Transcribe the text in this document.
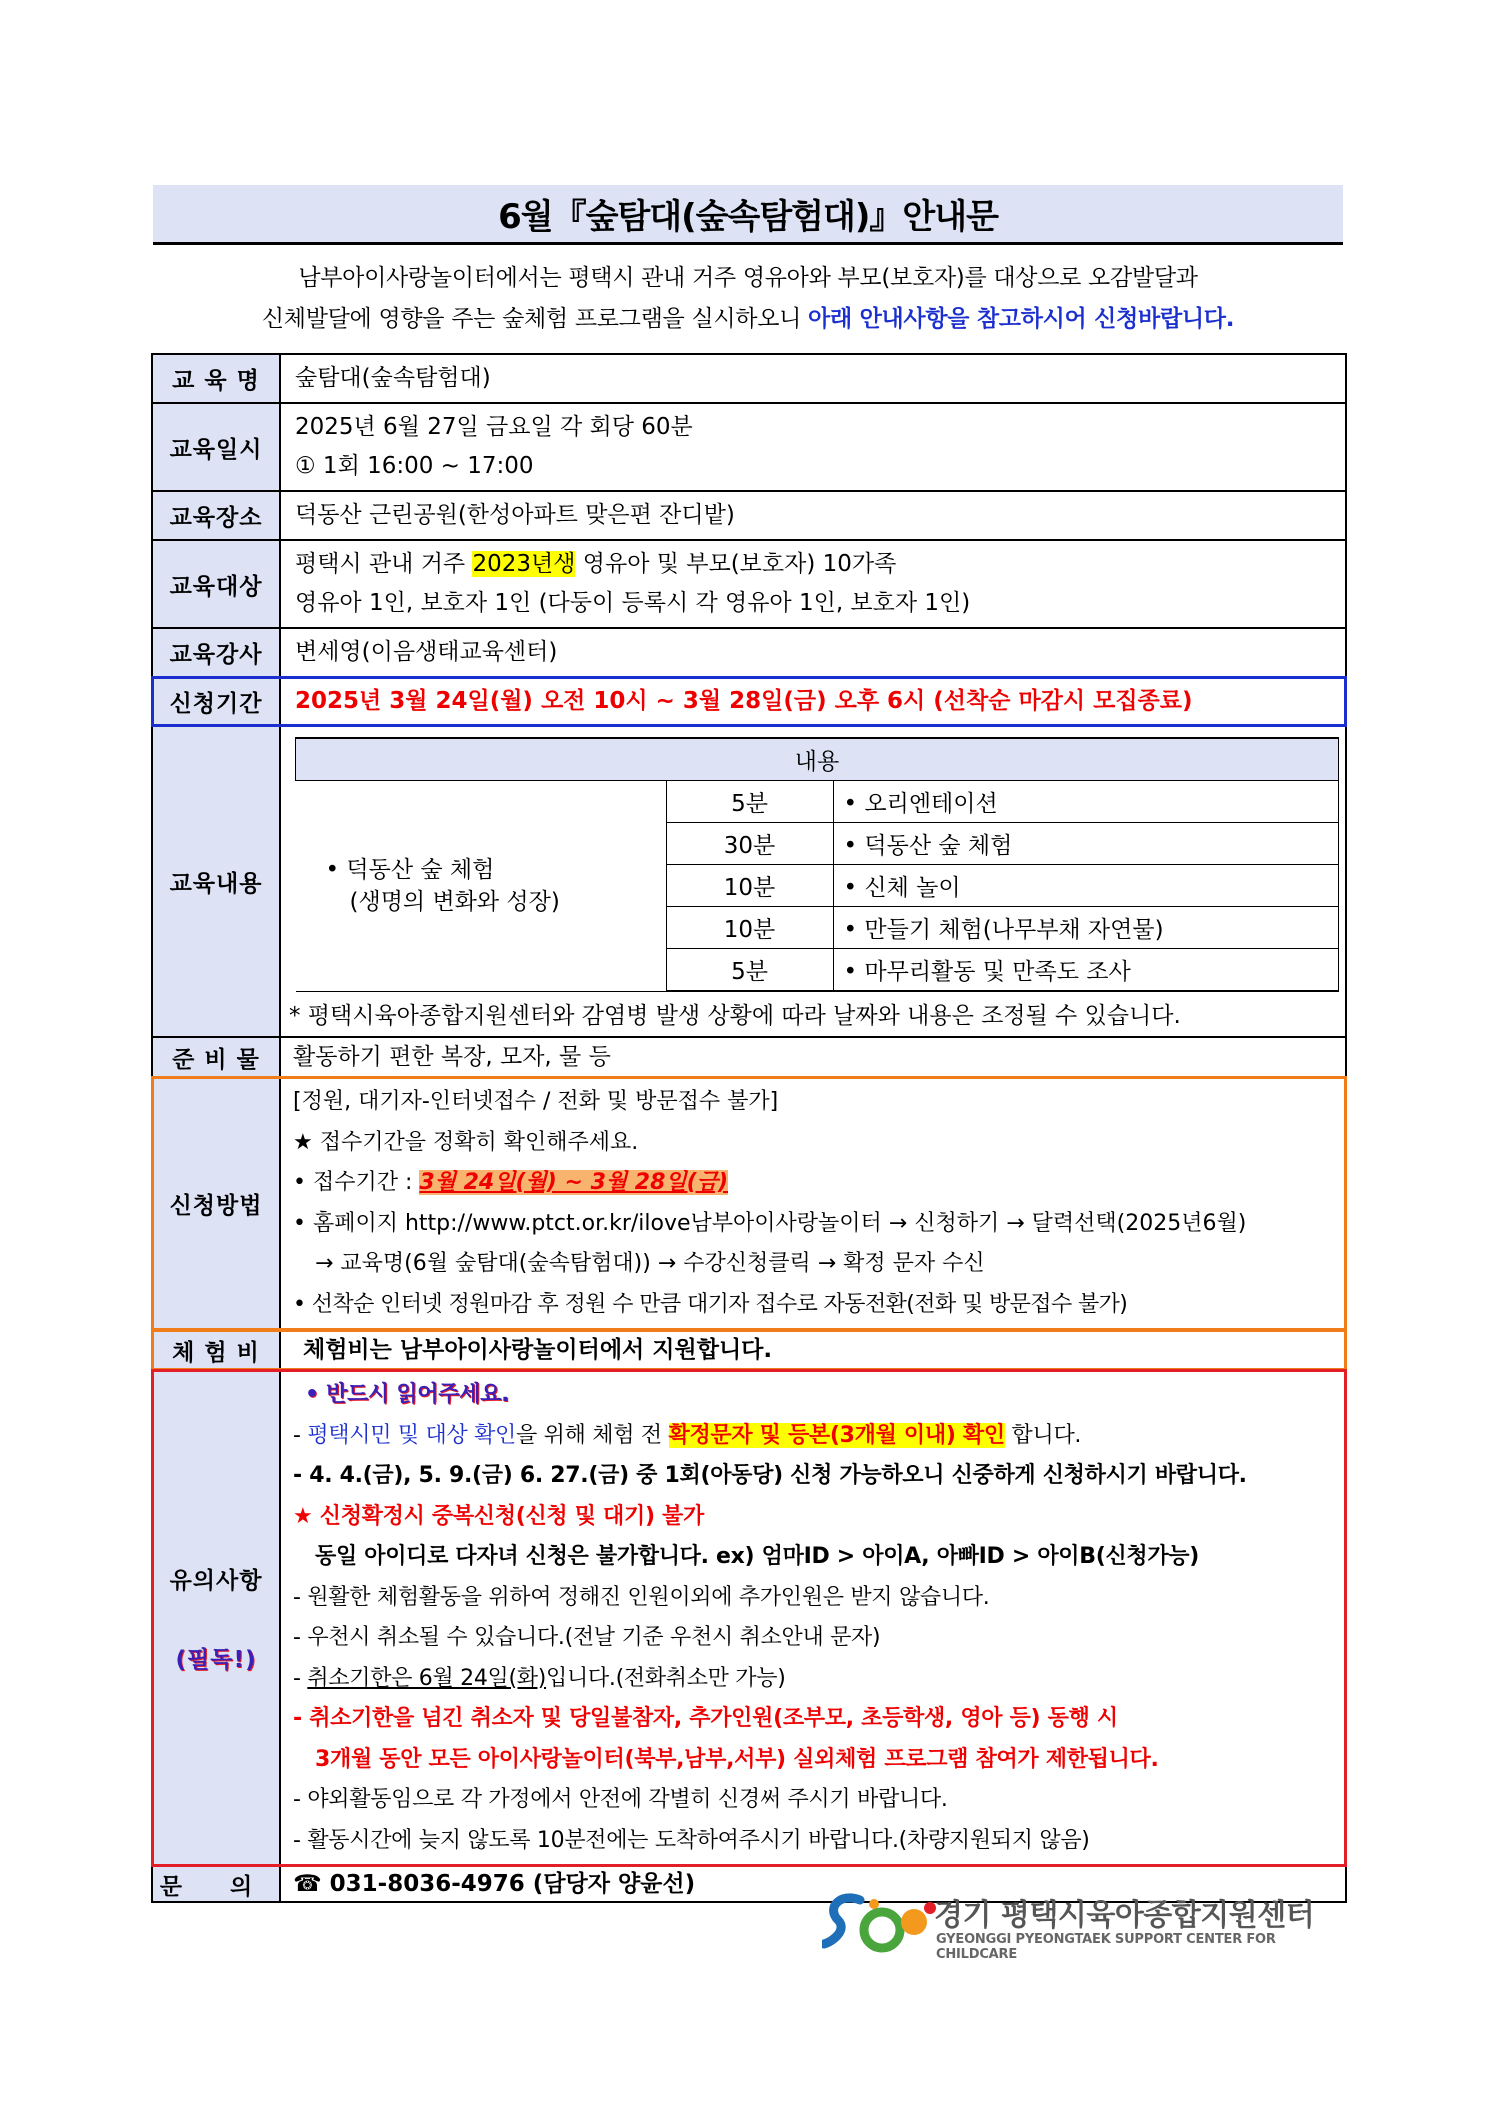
6월『숲탐대(숲속탐험대)』안내문
남부아이사랑놀이터에서는 평택시 관내 거주 영유아와 부모(보호자)를 대상으로 오감발달과
신체발달에 영향을 주는 숲체험 프로그램을 실시하오니 아래 안내사항을 참고하시어 신청바랍니다.
교 육 명	숲탐대(숲속탐험대)
교육일시	
2025년 6월 27일 금요일 각 회당 60분
① 1회 16:00 ~ 17:00

교육장소	덕동산 근린공원(한성아파트 맞은편 잔디밭)
교육대상	
평택시 관내 거주 2023년생 영유아 및 부모(보호자) 10가족
영유아 1인, 보호자 1인 (다둥이 등록시 각 영유아 1인, 보호자 1인)

교육강사	변세영(이음생태교육센터)
신청기간	2025년 3월 24일(월) 오전 10시 ~ 3월 28일(금) 오후 6시 (선착순 마감시 모집종료)
교육내용	
내용

• 덕동산 숲 체험
(생명의 변화와 성장)
	5분	• 오리엔테이션
30분	• 덕동산 숲 체험
10분	• 신체 놀이
10분	• 만들기 체험(나무부채 자연물)
5분	• 마무리활동 및 만족도 조사
* 평택시육아종합지원센터와 감염병 발생 상황에 따라 날짜와 내용은 조정될 수 있습니다.

준 비 물	활동하기 편한 복장, 모자, 물 등
신청방법	
[정원, 대기자-인터넷접수 / 전화 및 방문접수 불가]
★ 접수기간을 정확히 확인해주세요.
• 접수기간 : 3월 24일(월) ~ 3월 28일(금)
• 홈페이지 http://www.ptct.or.kr/ilove남부아이사랑놀이터 → 신청하기 → 달력선택(2025년6월)
→ 교육명(6월 숲탐대(숲속탐험대)) → 수강신청클릭 → 확정 문자 수신
• 선착순 인터넷 정원마감 후 정원 수 만큼 대기자 접수로 자동전환(전화 및 방문접수 불가)

체 험 비	체험비는 남부아이사랑놀이터에서 지원합니다.

유의사항
(필독!)

• 반드시 읽어주세요.
- 평택시민 및 대상 확인을 위해 체험 전 확정문자 및 등본(3개월 이내) 확인 합니다.
- 4. 4.(금), 5. 9.(금) 6. 27.(금) 중 1회(아동당) 신청 가능하오니 신중하게 신청하시기 바랍니다.
★ 신청확정시 중복신청(신청 및 대기) 불가
동일 아이디로 다자녀 신청은 불가합니다. ex) 엄마ID > 아이A, 아빠ID > 아이B(신청가능)
- 원활한 체험활동을 위하여 정해진 인원이외에 추가인원은 받지 않습니다.
- 우천시 취소될 수 있습니다.(전날 기준 우천시 취소안내 문자)
- 취소기한은 6월 24일(화)입니다.(전화취소만 가능)
- 취소기한을 넘긴 취소자 및 당일불참자, 추가인원(조부모, 초등학생, 영아 등) 동행 시
3개월 동안 모든 아이사랑놀이터(북부,남부,서부) 실외체험 프로그램 참여가 제한됩니다.
- 야외활동임으로 각 가정에서 안전에 각별히 신경써 주시기 바랍니다.
- 활동시간에 늦지 않도록 10분전에는 도착하여주시기 바랍니다.(차량지원되지 않음)

문 의	☎ 031-8036-4976 (담당자 양윤선)
경기 평택시육아종합지원센터
GYEONGGI PYEONGTAEK SUPPORT CENTER FOR CHILDCARE
